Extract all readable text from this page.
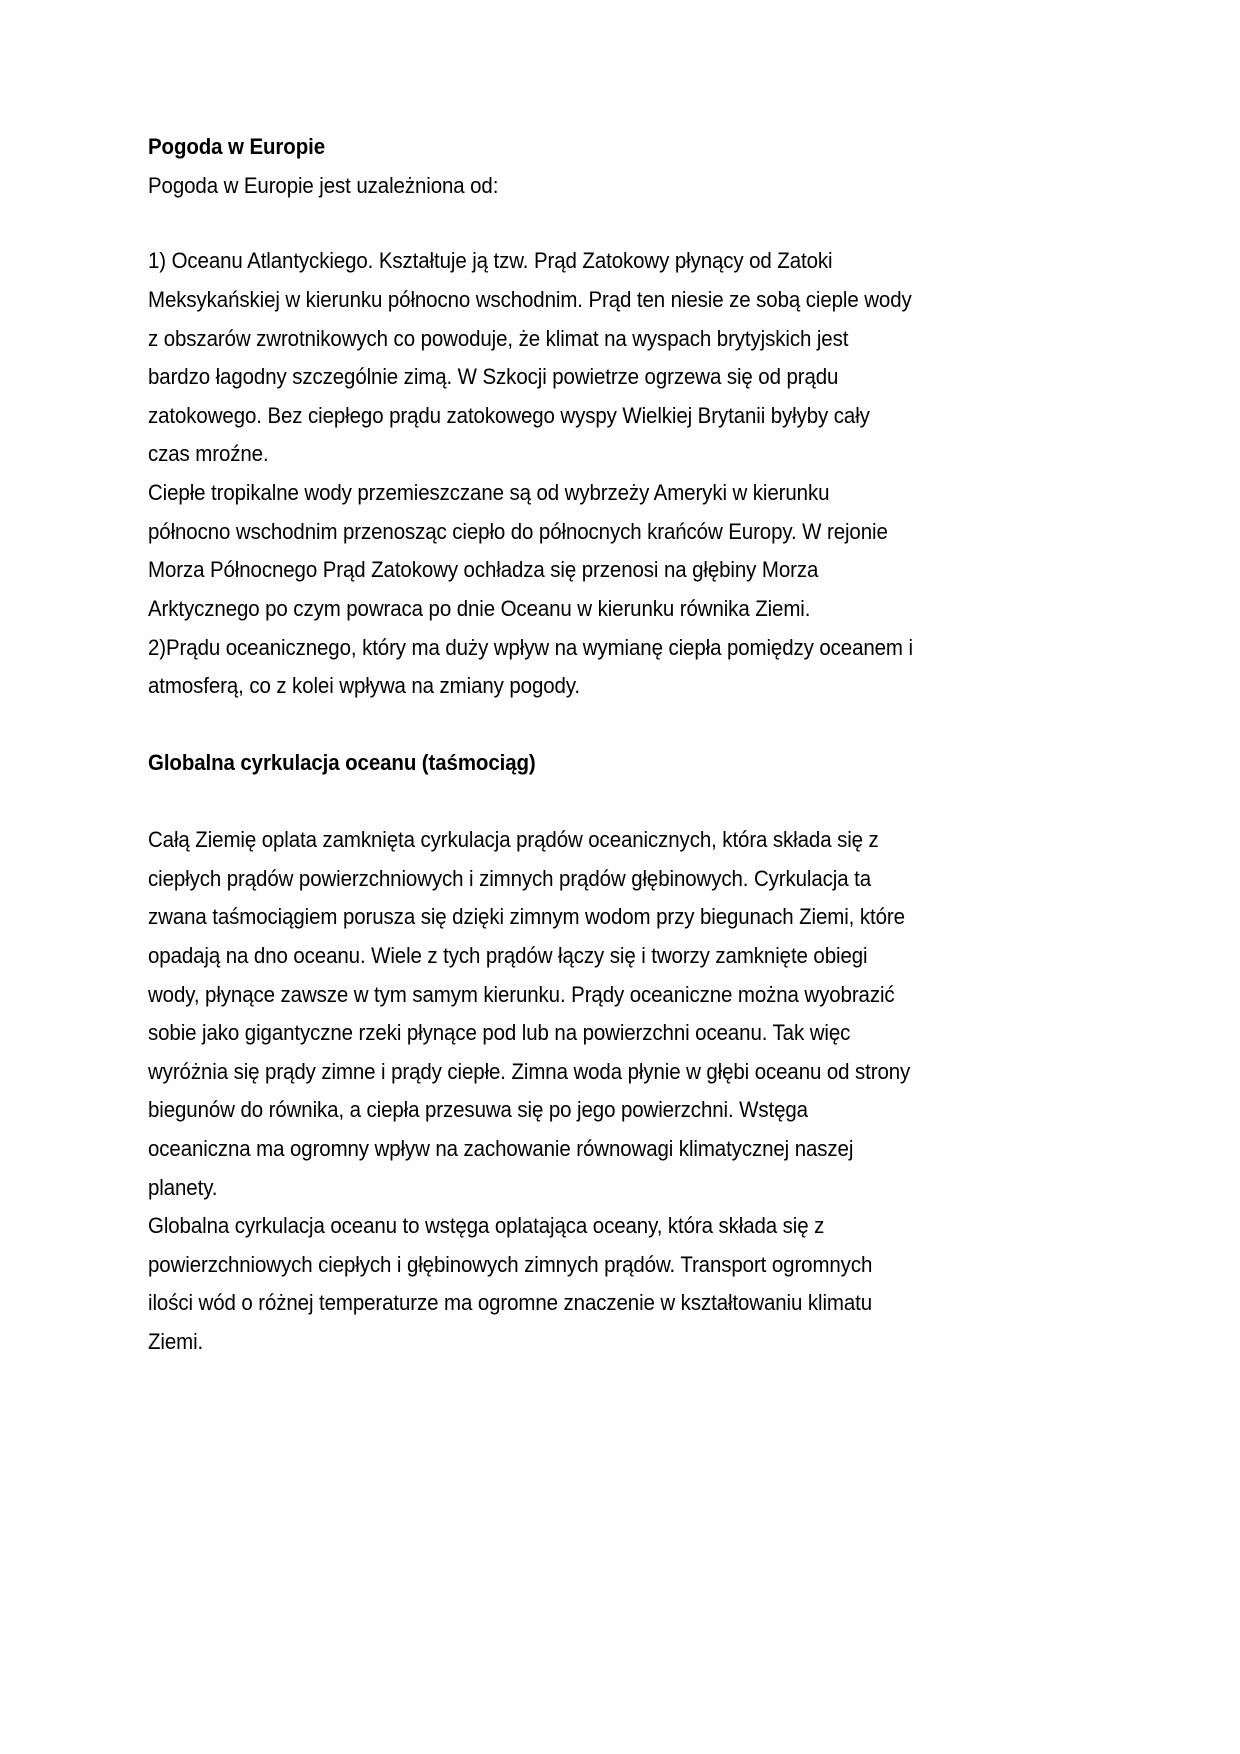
Pogoda w Europie
Pogoda w Europie jest uzależniona od:
1) Oceanu Atlantyckiego. Kształtuje ją tzw. Prąd Zatokowy płynący od Zatoki
Meksykańskiej w kierunku północno wschodnim. Prąd ten niesie ze sobą cieple wody
z obszarów zwrotnikowych co powoduje, że klimat na wyspach brytyjskich jest
bardzo łagodny szczególnie zimą. W Szkocji powietrze ogrzewa się od prądu
zatokowego. Bez ciepłego prądu zatokowego wyspy Wielkiej Brytanii byłyby cały
czas mroźne.
Ciepłe tropikalne wody przemieszczane są od wybrzeży Ameryki w kierunku
północno wschodnim przenosząc ciepło do północnych krańców Europy. W rejonie
Morza Północnego Prąd Zatokowy ochładza się przenosi na głębiny Morza
Arktycznego po czym powraca po dnie Oceanu w kierunku równika Ziemi.
2)Prądu oceanicznego, który ma duży wpływ na wymianę ciepła pomiędzy oceanem i
atmosferą, co z kolei wpływa na zmiany pogody.
Globalna cyrkulacja oceanu (taśmociąg)
Całą Ziemię oplata zamknięta cyrkulacja prądów oceanicznych, która składa się z
ciepłych prądów powierzchniowych i zimnych prądów głębinowych. Cyrkulacja ta
zwana taśmociągiem porusza się dzięki zimnym wodom przy biegunach Ziemi, które
opadają na dno oceanu. Wiele z tych prądów łączy się i tworzy zamknięte obiegi
wody, płynące zawsze w tym samym kierunku. Prądy oceaniczne można wyobrazić
sobie jako gigantyczne rzeki płynące pod lub na powierzchni oceanu. Tak więc
wyróżnia się prądy zimne i prądy ciepłe. Zimna woda płynie w głębi oceanu od strony
biegunów do równika, a ciepła przesuwa się po jego powierzchni. Wstęga
oceaniczna ma ogromny wpływ na zachowanie równowagi klimatycznej naszej
planety.
Globalna cyrkulacja oceanu to wstęga oplatająca oceany, która składa się z
powierzchniowych ciepłych i głębinowych zimnych prądów. Transport ogromnych
ilości wód o różnej temperaturze ma ogromne znaczenie w kształtowaniu klimatu
Ziemi.
